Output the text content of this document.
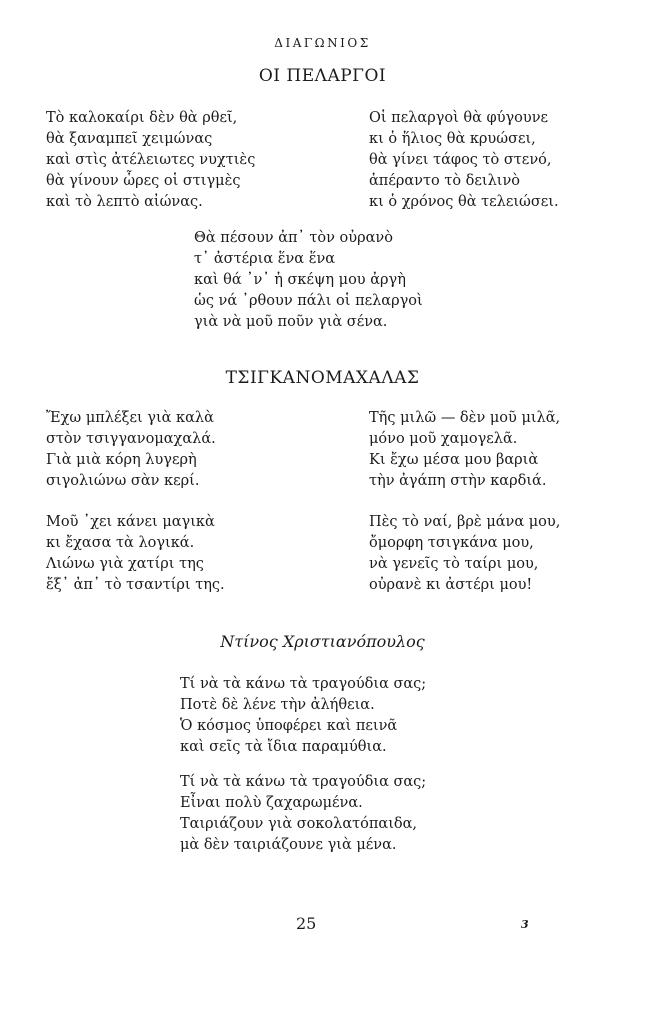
ΔΙΑΓΩΝΙΟΣ
ΟΙ ΠΕΛΑΡΓΟΙ
Τὸ καλοκαίρι δὲν θὰ ρθεῖ,
θὰ ξαναμπεῖ χειμώνας
καὶ στὶς ἀτέλειωτες νυχτιὲς
θὰ γίνουν ὧρες οἱ στιγμὲς
καὶ τὸ λεπτὸ αἰώνας.
Οἱ πελαργοὶ θὰ φύγουνε
κι ὁ ἥλιος θὰ κρυώσει,
θὰ γίνει τάφος τὸ στενό,
ἀπέραντο τὸ δειλινὸ
κι ὁ χρόνος θὰ τελειώσει.
Θὰ πέσουν ἀπ᾽ τὸν οὐρανὸ
τ᾽ ἀστέρια ἕνα ἕνα
καὶ θά ᾽ν᾽ ἡ σκέψη μου ἀργὴ
ὡς νά ᾽ρθουν πάλι οἱ πελαργοὶ
γιὰ νὰ μοῦ ποῦν γιὰ σένα.
ΤΣΙΓΚΑΝΟΜΑΧΑΛΑΣ
Ἔχω μπλέξει γιὰ καλὰ
στὸν τσιγγανομαχαλά.
Γιὰ μιὰ κόρη λυγερὴ
σιγολιώνω σὰν κερί.
Τῆς μιλῶ — δὲν μοῦ μιλᾶ,
μόνο μοῦ χαμογελᾶ.
Κι ἔχω μέσα μου βαριὰ
τὴν ἀγάπη στὴν καρδιά.
Μοῦ ᾽χει κάνει μαγικὰ
κι ἔχασα τὰ λογικά.
Λιώνω γιὰ χατίρι της
ἔξ᾽ ἀπ᾽ τὸ τσαντίρι της.
Πὲς τὸ ναί, βρὲ μάνα μου,
ὄμορφη τσιγκάνα μου,
νὰ γενεῖς τὸ ταίρι μου,
οὐρανὲ κι ἀστέρι μου!
Ντίνος Χριστιανόπουλος
Τί νὰ τὰ κάνω τὰ τραγούδια σας;
Ποτὲ δὲ λένε τὴν ἀλήθεια.
Ὁ κόσμος ὑποφέρει καὶ πεινᾶ
καὶ σεῖς τὰ ἴδια παραμύθια.
Τί νὰ τὰ κάνω τὰ τραγούδια σας;
Εἶναι πολὺ ζαχαρωμένα.
Ταιριάζουν γιὰ σοκολατόπαιδα,
μὰ δὲν ταιριάζουνε γιὰ μένα.
25	3
